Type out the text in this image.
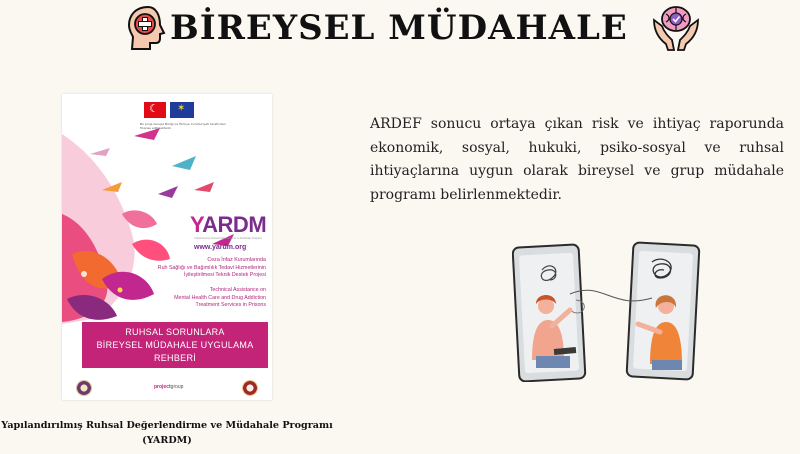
BİREYSEL MÜDAHALE
☾✶
Bu proje Avrupa Birliği ve Türkiye Cumhuriyeti tarafından finanse edilmektedir.
YARDM
Yapılandırılmış Ruhsal Değerlendirme ve Müdahale Programı
www.yardm.org
Ceza İnfaz Kurumlarında
Ruh Sağlığı ve Bağımlılık Tedavi Hizmetlerinin
İyileştirilmesi Teknik Destek Projesi
Technical Assistance on
Mental Health Care and Drug Addiction
Treatment Services in Prisons
RUHSAL SORUNLARA
BİREYSEL MÜDAHALE UYGULAMA
REHBERİ
projectgroup
Yapılandırılmış Ruhsal Değerlendirme ve Müdahale Programı
(YARDM)
ARDEF sonucu ortaya çıkan risk ve ihtiyaç raporunda ekonomik, sosyal, hukuki, psiko-sosyal ve ruhsal ihtiyaçlarına uygun olarak bireysel ve grup müdahale programı belirlenmektedir.
